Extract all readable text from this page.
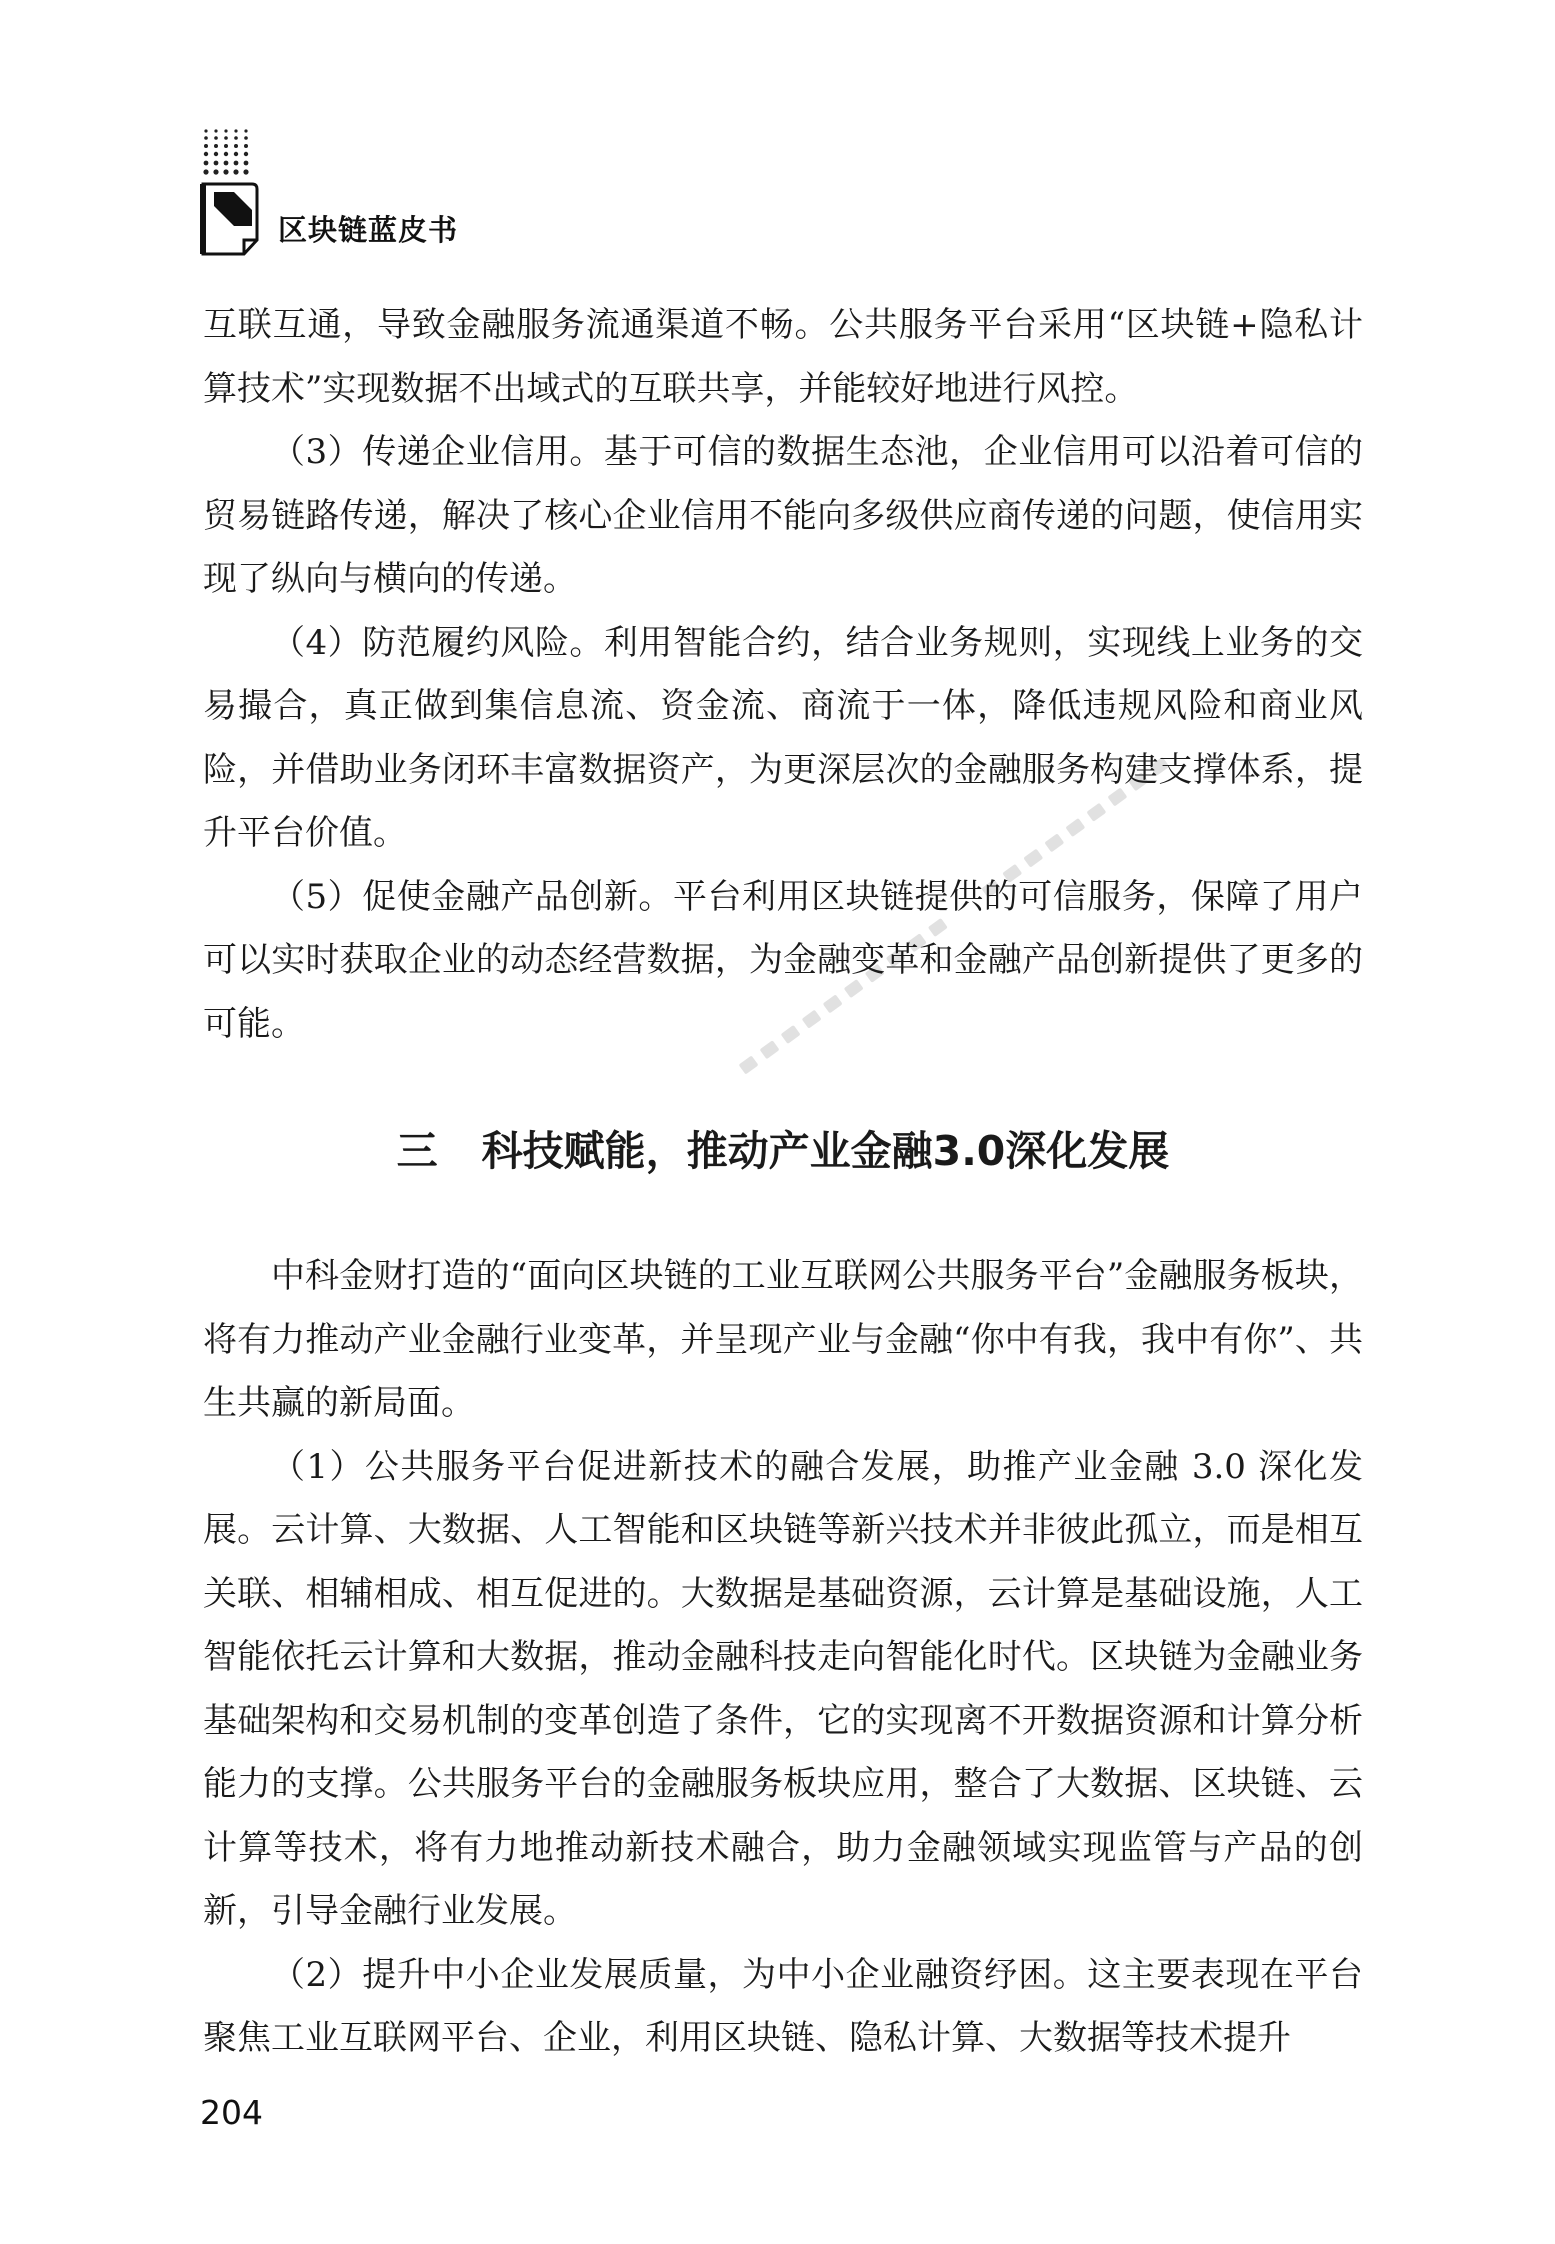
区块链蓝皮书

互联互通，导致金融服务流通渠道不畅。公共服务平台采用“区块链+隐私计算技术”实现数据不出域式的互联共享，并能较好地进行风控。

（3）传递企业信用。基于可信的数据生态池，企业信用可以沿着可信的贸易链路传递，解决了核心企业信用不能向多级供应商传递的问题，使信用实现了纵向与横向的传递。

（4）防范履约风险。利用智能合约，结合业务规则，实现线上业务的交易撮合，真正做到集信息流、资金流、商流于一体，降低违规风险和商业风险，并借助业务闭环丰富数据资产，为更深层次的金融服务构建支撑体系，提升平台价值。

（5）促使金融产品创新。平台利用区块链提供的可信服务，保障了用户可以实时获取企业的动态经营数据，为金融变革和金融产品创新提供了更多的可能。

三 科技赋能，推动产业金融3.0深化发展

中科金财打造的“面向区块链的工业互联网公共服务平台”金融服务板块，将有力推动产业金融行业变革，并呈现产业与金融“你中有我，我中有你”、共生共赢的新局面。

（1）公共服务平台促进新技术的融合发展，助推产业金融 3.0 深化发展。云计算、大数据、人工智能和区块链等新兴技术并非彼此孤立，而是相互关联、相辅相成、相互促进的。大数据是基础资源，云计算是基础设施，人工智能依托云计算和大数据，推动金融科技走向智能化时代。区块链为金融业务基础架构和交易机制的变革创造了条件，它的实现离不开数据资源和计算分析能力的支撑。公共服务平台的金融服务板块应用，整合了大数据、区块链、云计算等技术，将有力地推动新技术融合，助力金融领域实现监管与产品的创新，引导金融行业发展。

（2）提升中小企业发展质量，为中小企业融资纾困。这主要表现在平台聚焦工业互联网平台、企业，利用区块链、隐私计算、大数据等技术提升

204
